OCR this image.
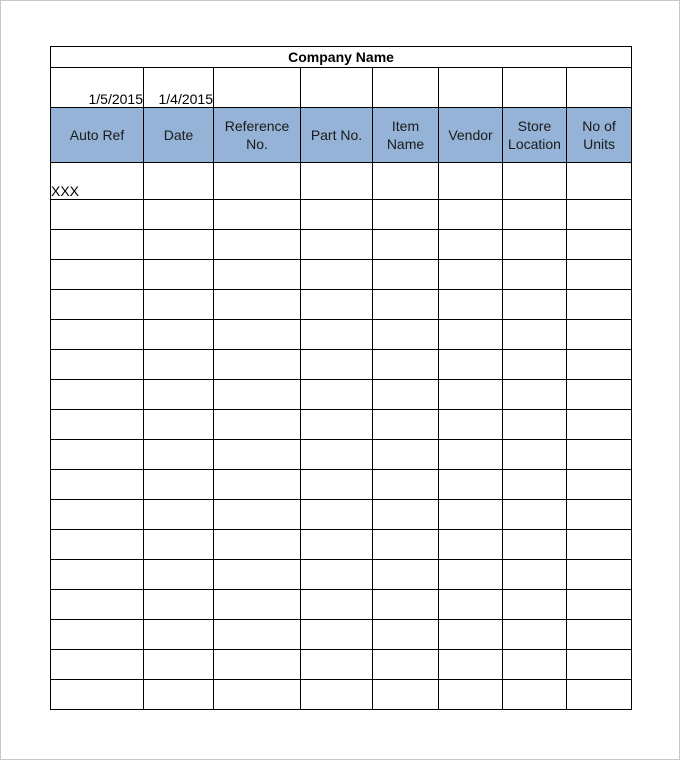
Company Name							
1/5/2015	1/4/2015						
Auto Ref	Date	Reference No.	Part No.	Item Name	Vendor	Store Location	No of Units
XXX							
